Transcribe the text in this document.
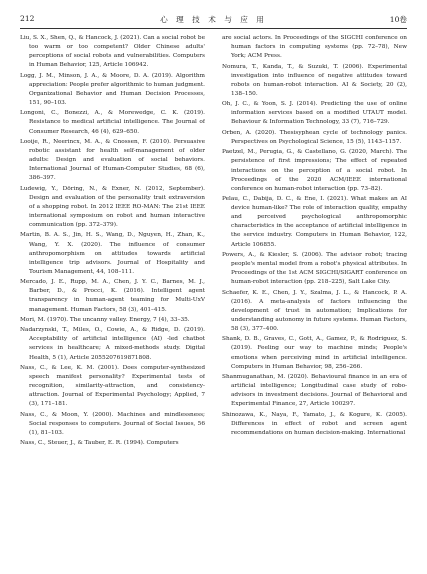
212	心 理 技 术 与 应 用	10卷

Liu, S. X., Shen, Q., & Hancock, J. (2021). Can a social robot be too warm or too competent? Older Chinese adults' perceptions of social robots and vulnerabilities. Computers in Human Behavior, 125, Article 106942.

Logg, J. M., Minson, J. A., & Moore, D. A. (2019). Algorithm appreciation: People prefer algorithmic to human judgment. Organizational Behavior and Human Decision Processes, 151, 90–103.

Longoni, C., Bonezzi, A., & Morewedge, C. K. (2019). Resistance to medical artificial intelligence. The Journal of Consumer Research, 46 (4), 629–650.

Looije, R., Neerincx, M. A., & Cnossen, F. (2010). Persuasive robotic assistant for health self-management of older adults: Design and evaluation of social behaviors. International Journal of Human-Computer Studies, 68 (6), 386–397.

Ludewig, Y., Döring, N., & Exner, N. (2012, September). Design and evaluation of the personality trait extraversion of a shopping robot. In 2012 IEEE RO-MAN: The 21st IEEE international symposium on robot and human interactive communication (pp. 372–379).

Martin, B. A. S., Jin, H. S., Wang, D., Nguyen, H., Zhan, K., Wang, Y. X. (2020). The influence of consumer anthropomorphism on attitudes towards artificial intelligence trip advisors. Journal of Hospitality and Tourism Management, 44, 108–111.

Mercado, J. E., Rupp, M. A., Chen, J. Y. C., Barnes, M. J., Barber, D., & Procci, K. (2016). Intelligent agent transparency in human-agent teaming for Multi-UxV management. Human Factors, 58 (3), 401–415.

Mori, M. (1970). The uncanny valley. Energy, 7 (4), 33–35.

Nadarzynski, T., Miles, O., Cowie, A., & Ridge, D. (2019). Acceptability of artificial intelligence (AI) -led chatbot services in healthcare; A mixed-methods study. Digital Health, 5 (1), Article 2055207619871808.

Nass, C., & Lee, K. M. (2001). Does computer-synthesized speech manifest personality? Experimental tests of recognition, similarity-attraction, and consistency-attraction. Journal of Experimental Psychology; Applied, 7 (3), 171–181.

Nass, C., & Moon, Y. (2000). Machines and mindlessness; Social responses to computers. Journal of Social Issues, 56 (1), 81–103.

Nass, C., Steuer, J., & Tauber, E. R. (1994). Computers

are social actors. In Proceedings of the SIGCHI conference on human factors in computing systems (pp. 72–78), New York; ACM Press.

Nomura, T., Kanda, T., & Suzuki, T. (2006). Experimental investigation into influence of negative attitudes toward robots on human-robot interaction. AI & Society, 20 (2), 138–150.

Oh, J. C., & Yoon, S. J. (2014). Predicting the use of online information services based on a modified UTAUT model. Behaviour & Information Technology, 33 (7), 716–729.

Orben, A. (2020). Thesisyphean cycle of technology panics. Perspectives on Psychological Science, 15 (5), 1143–1157.

Paetzel, M., Perugia, G., & Castellano, G. (2020, March). The persistence of first impressions; The effect of repeated interactions on the perception of a social robot. In Proceedings of the 2020 ACM/IEEE international conference on human-robot interaction (pp. 73–82).

Pelau, C., Dabija, D. C., & Ene, I. (2021). What makes an AI device human-like? The role of interaction quality, empathy and perceived psychological anthropomorphic characteristics in the acceptance of artificial intelligence in the service industry. Computers in Human Behavior, 122, Article 106855.

Powers, A., & Kiesler, S. (2006). The advisor robot; tracing people's mental model from a robot's physical attributes. In Proceedings of the 1st ACM SIGCHI/SIGART conference on human-robot interaction (pp. 218–225), Salt Lake City.

Schaefer, K. E., Chen, J. Y., Szalma, J. L., & Hancock, P. A. (2016). A meta-analysis of factors influencing the development of trust in automation; Implications for understanding autonomy in future systems. Human Factors, 58 (3), 377–400.

Shank, D. B., Graves, C., Gott, A., Gamez, P., & Rodriguez, S. (2019). Feeling our way to machine minds; People's emotions when perceiving mind in artificial intelligence. Computers in Human Behavior, 98, 256–266.

Shanmuganathan, M. (2020). Behavioural finance in an era of artificial intelligence; Longitudinal case study of robo-advisors in investment decisions. Journal of Behavioral and Experimental Finance, 27, Article 100297.

Shinozawa, K., Naya, F., Yamato, J., & Kogure, K. (2005). Differences in effect of robot and screen agent recommendations on human decision-making. International
